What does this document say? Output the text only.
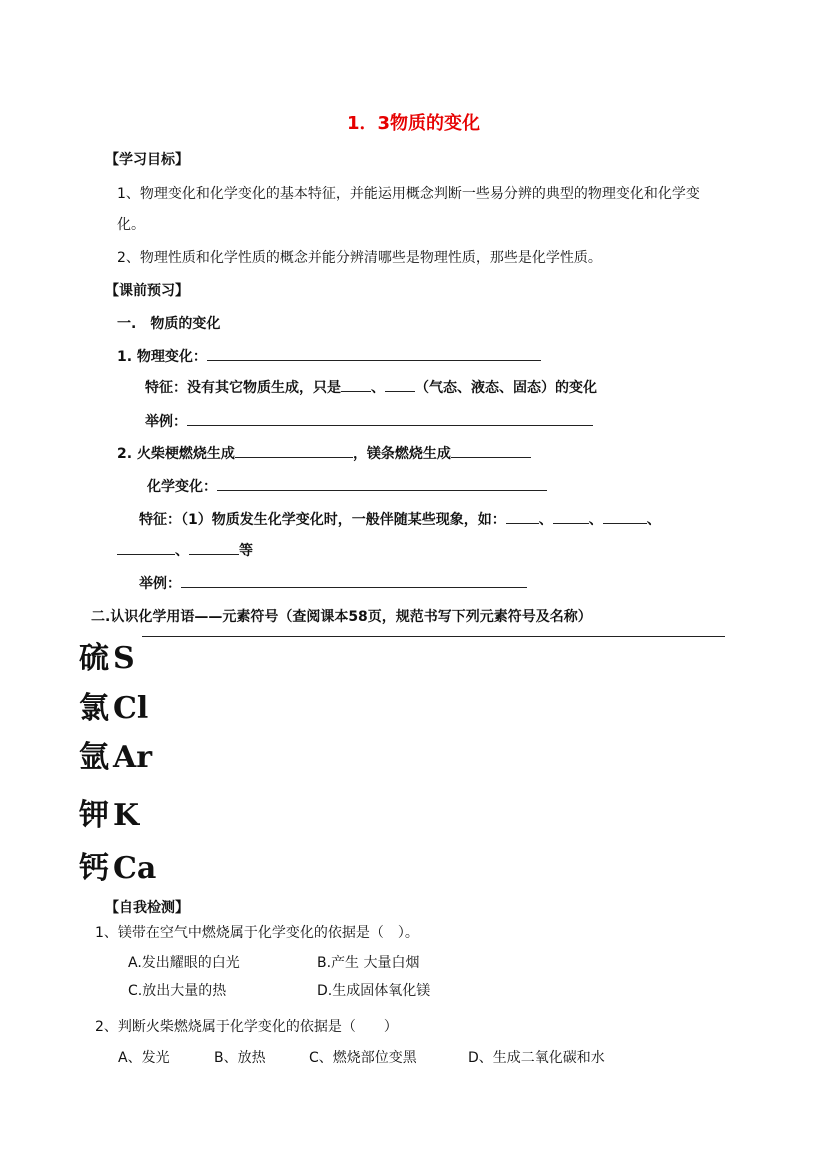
1．3物质的变化
【学习目标】
1、物理变化和化学变化的基本特征，并能运用概念判断一些易分辨的典型的物理变化和化学变
化。
2、物理性质和化学性质的概念并能分辨清哪些是物理性质，那些是化学性质。
【课前预习】
一.　物质的变化
1. 物理变化：
特征：没有其它物质生成，只是 、 （气态、液态、固态）的变化
举例：
2. 火柴梗燃烧生成	，镁条燃烧生成
化学变化：
特征：（1）物质发生化学变化时，一般伴随某些现象，如： 、	、	、
、	等
举例：
二.认识化学用语——元素符号（查阅课本58页，规范书写下列元素符号及名称）
硫 S
氯 Cl
氩 Ar
钾 K
钙 Ca
【自我检测】
1、镁带在空气中燃烧属于化学变化的依据是（　）。
A.发出耀眼的白光	B.产生 大量白烟
C.放出大量的热	D.生成固体氧化镁
2、判断火柴燃烧属于化学变化的依据是（　　）
A、发光	B、放热	C、燃烧部位变黑	D、生成二氧化碳和水
